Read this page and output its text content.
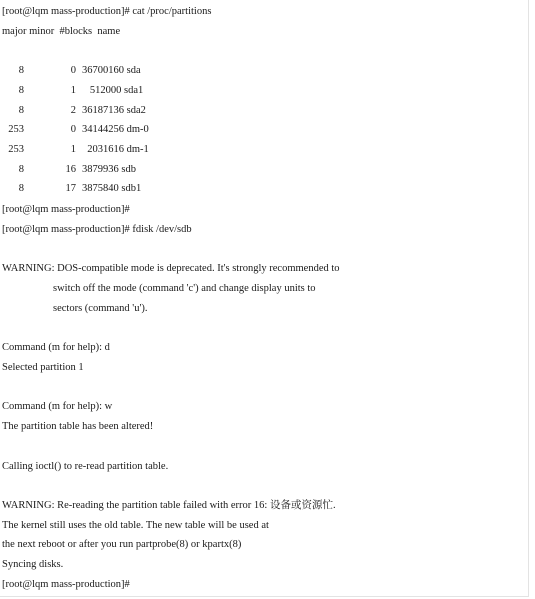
[root@lqm mass-production]# cat /proc/partitions
major minor  #blocks  name
8	0 36700160 sda
8	1 512000 sda1
8	2 36187136 sda2
253	0 34144256 dm-0
253	1 2031616 dm-1
8	16 3879936 sdb
8	17 3875840 sdb1
[root@lqm mass-production]#
[root@lqm mass-production]# fdisk /dev/sdb
WARNING: DOS-compatible mode is deprecated. It's strongly recommended to
switch off the mode (command 'c') and change display units to
sectors (command 'u').
Command (m for help): d
Selected partition 1
Command (m for help): w
The partition table has been altered!
Calling ioctl() to re-read partition table.
WARNING: Re-reading the partition table failed with error 16: 设备或资源忙.
The kernel still uses the old table. The new table will be used at
the next reboot or after you run partprobe(8) or kpartx(8)
Syncing disks.
[root@lqm mass-production]#
